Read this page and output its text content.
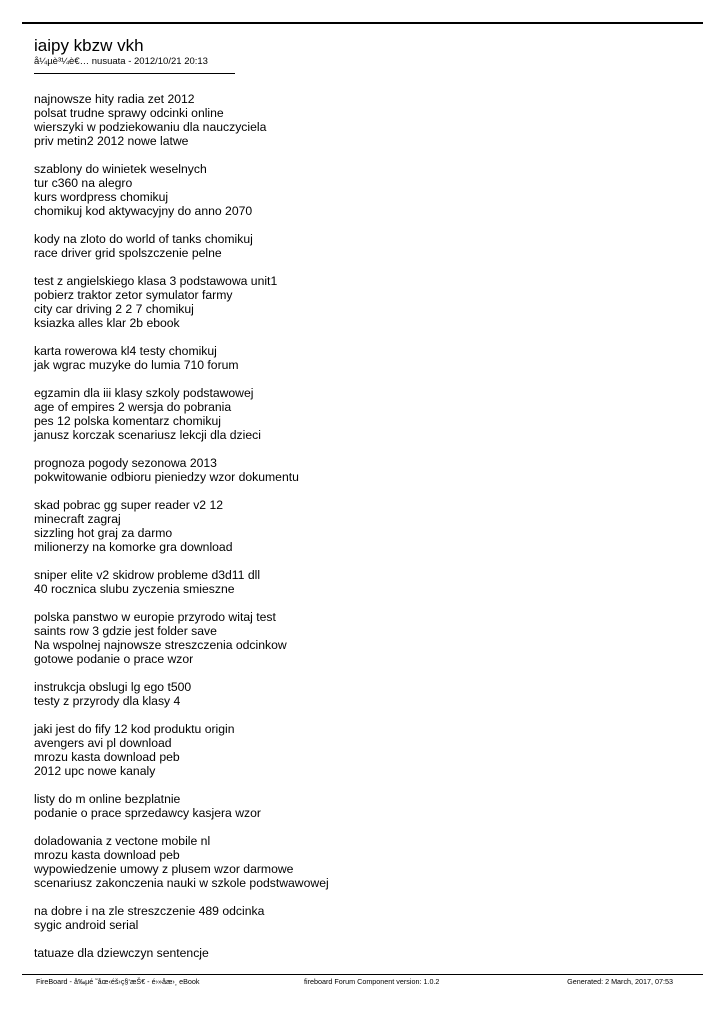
iaipy kbzw vkh

å¼µè³¼è€… nusuata - 2012/10/21 20:13

najnowsze hity radia zet 2012
polsat trudne sprawy odcinki online
wierszyki w podziekowaniu dla nauczyciela
priv metin2 2012 nowe latwe

szablony do winietek weselnych
tur c360 na alegro
kurs wordpress chomikuj
chomikuj kod aktywacyjny do anno 2070

kody na zloto do world of tanks chomikuj
race driver grid spolszczenie pelne

test z angielskiego klasa 3 podstawowa unit1
pobierz traktor zetor symulator farmy
city car driving 2 2 7 chomikuj
ksiazka alles klar 2b ebook

karta rowerowa kl4 testy chomikuj
jak wgrac muzyke do lumia 710 forum

egzamin dla iii klasy szkoly podstawowej
age of empires 2 wersja do pobrania
pes 12 polska komentarz chomikuj
janusz korczak scenariusz lekcji dla dzieci

prognoza pogody sezonowa 2013
pokwitowanie odbioru pieniedzy wzor dokumentu

skad pobrac gg super reader v2 12
minecraft zagraj
sizzling hot graj za darmo
milionerzy na komorke gra download

sniper elite v2 skidrow probleme d3d11 dll
40 rocznica slubu zyczenia smieszne

polska panstwo w europie przyrodo witaj test
saints row 3 gdzie jest folder save
Na wspolnej najnowsze streszczenia odcinkow
gotowe podanie o prace wzor

instrukcja obslugi lg ego t500
testy z przyrody dla klasy 4

jaki jest do fify 12 kod produktu origin
avengers avi pl download
mrozu kasta download peb
2012 upc nowe kanaly

listy do m online bezplatnie
podanie o prace sprzedawcy kasjera wzor

doladowania z vectone mobile nl
mrozu kasta download peb
wypowiedzenie umowy z plusem wzor darmowe
scenariusz zakonczenia nauki w szkole podstwawowej

na dobre i na zle streszczenie 489 odcinka
sygic android serial

tatuaze dla dziewczyn sentencje

FireBoard - å‰µé ˜åœ‹éš›ç§‘æŠ€ - é›»åæ›¸ eBook	fireboard Forum Component version: 1.0.2	Generated: 2 March, 2017, 07:53
